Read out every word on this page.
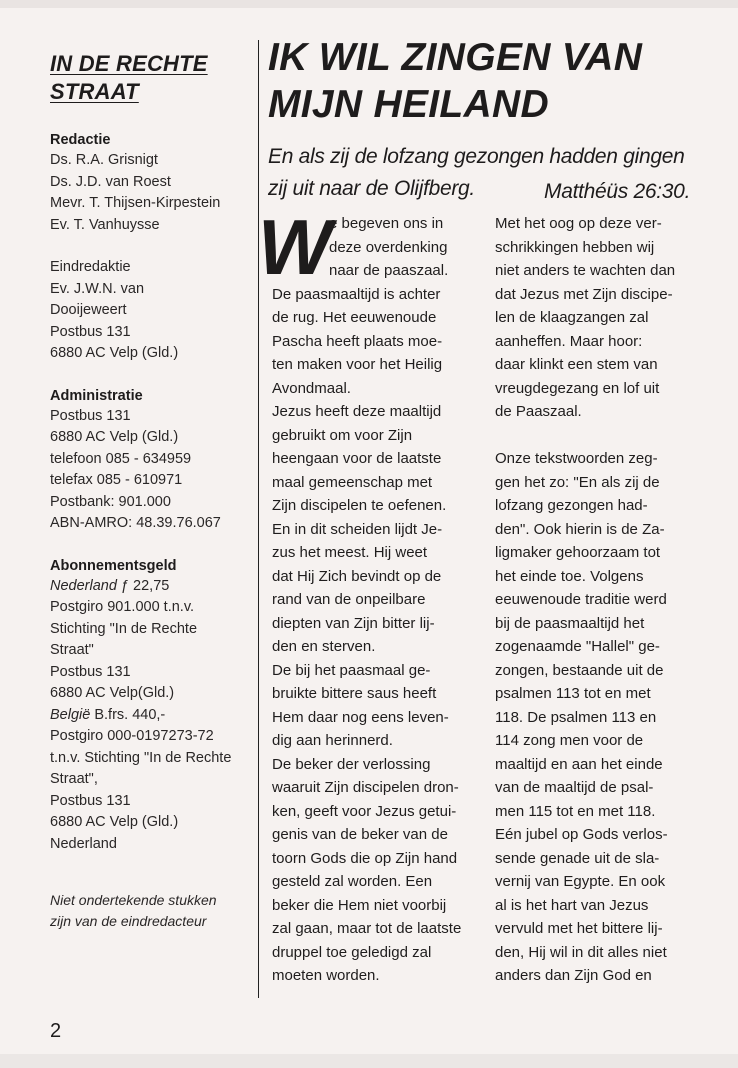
IN DE RECHTE
STRAAT

Redactie

Ds. R.A. Grisnigt

Ds. J.D. van Roest

Mevr. T. Thijsen-Kirpestein

Ev. T. Vanhuysse

Eindredaktie

Ev. J.W.N. van

Dooijeweert

Postbus 131

6880 AC Velp (Gld.)

Administratie

Postbus 131

6880 AC Velp (Gld.)

telefoon 085 - 634959

telefax 085 - 610971

Postbank: 901.000

ABN-AMRO: 48.39.76.067

Abonnementsgeld

Nederland ƒ 22,75

Postgiro 901.000 t.n.v.

Stichting "In de Rechte

Straat"

Postbus 131

6880 AC Velp(Gld.)

België B.frs. 440,-

Postgiro 000-0197273-72

t.n.v. Stichting "In de Rechte

Straat",

Postbus 131

6880 AC Velp (Gld.)

Nederland

Niet ondertekende stukken

zijn van de eindredacteur

IK WIL ZINGEN VAN
MIJN HEILAND

En als zij de lofzang gezongen hadden gingen
zij uit naar de Olijfberg.	Matthéüs 26:30.

W

e begeven ons in

deze overdenking

naar de paaszaal.

De paasmaaltijd is achter

de rug. Het eeuwenoude

Pascha heeft plaats moe-

ten maken voor het Heilig

Avondmaal.

Jezus heeft deze maaltijd

gebruikt om voor Zijn

heengaan voor de laatste

maal gemeenschap met

Zijn discipelen te oefenen.

En in dit scheiden lijdt Je-

zus het meest. Hij weet

dat Hij Zich bevindt op de

rand van de onpeilbare

diepten van Zijn bitter lij-

den en sterven.

De bij het paasmaal ge-

bruikte bittere saus heeft

Hem daar nog eens leven-

dig aan herinnerd.

De beker der verlossing

waaruit Zijn discipelen dron-

ken, geeft voor Jezus getui-

genis van de beker van de

toorn Gods die op Zijn hand

gesteld zal worden. Een

beker die Hem niet voorbij

zal gaan, maar tot de laatste

druppel toe geledigd zal

moeten worden.

Met het oog op deze ver-

schrikkingen hebben wij

niet anders te wachten dan

dat Jezus met Zijn discipe-

len de klaagzangen zal

aanheffen. Maar hoor:

daar klinkt een stem van

vreugdegezang en lof uit

de Paaszaal.

Onze tekstwoorden zeg-

gen het zo: "En als zij de

lofzang gezongen had-

den". Ook hierin is de Za-

ligmaker gehoorzaam tot

het einde toe. Volgens

eeuwenoude traditie werd

bij de paasmaaltijd het

zogenaamde "Hallel" ge-

zongen, bestaande uit de

psalmen 113 tot en met

118. De psalmen 113 en

114 zong men voor de

maaltijd en aan het einde

van de maaltijd de psal-

men 115 tot en met 118.

Eén jubel op Gods verlos-

sende genade uit de sla-

vernij van Egypte. En ook

al is het hart van Jezus

vervuld met het bittere lij-

den, Hij wil in dit alles niet

anders dan Zijn God en

2
